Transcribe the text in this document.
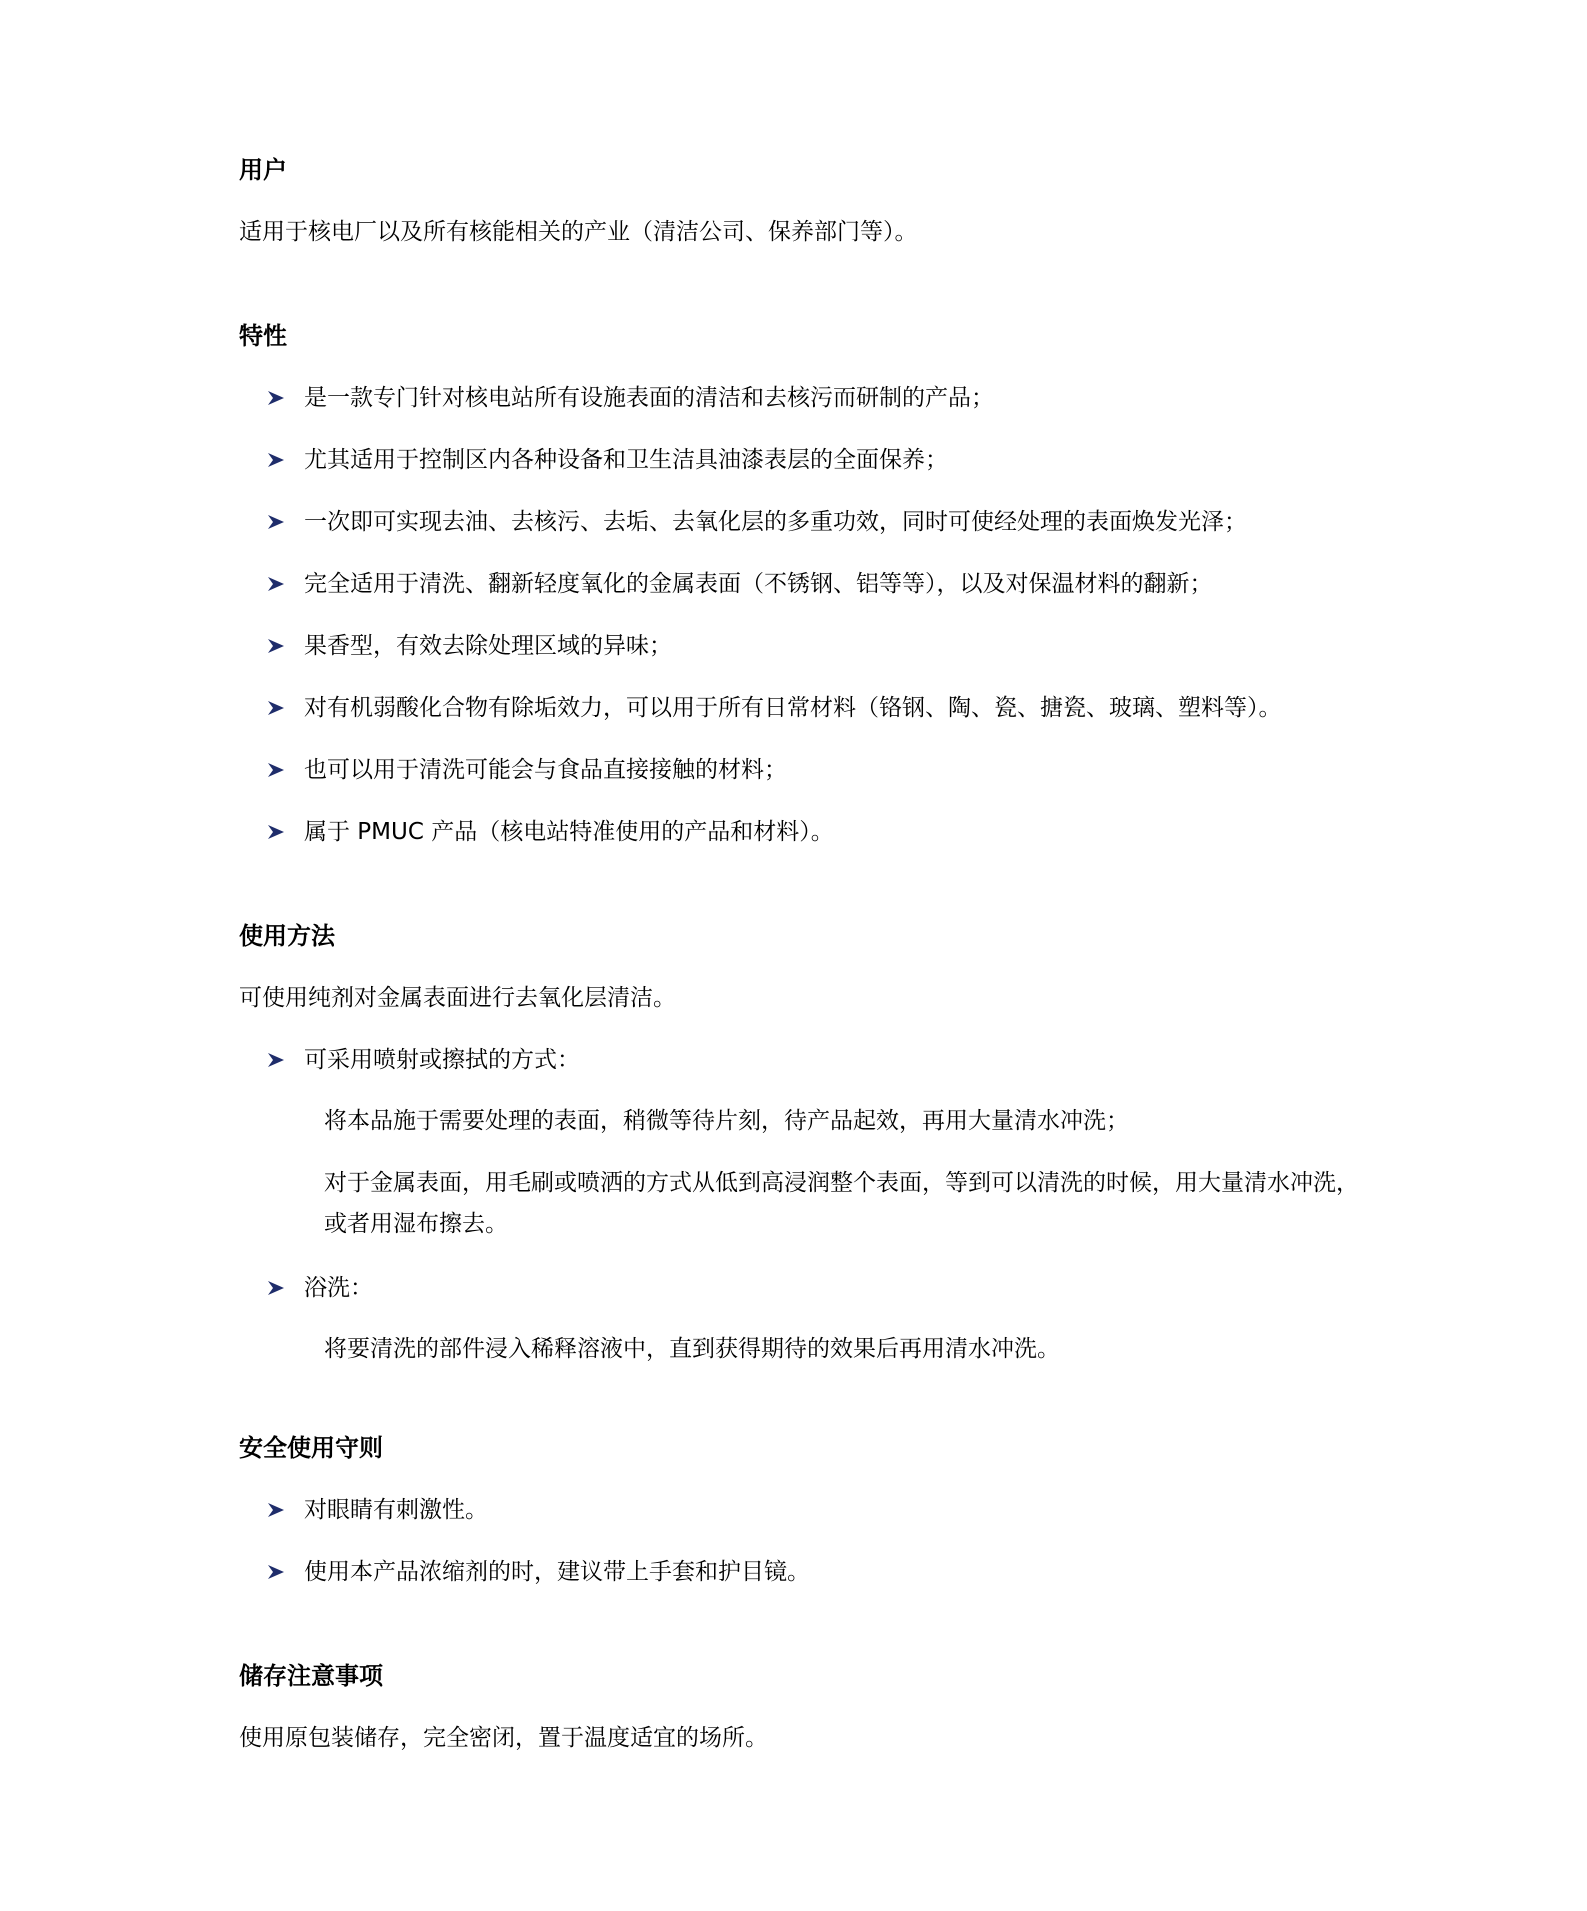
用户
适用于核电厂以及所有核能相关的产业（清洁公司、保养部门等）。
特性
是一款专门针对核电站所有设施表面的清洁和去核污而研制的产品；
尤其适用于控制区内各种设备和卫生洁具油漆表层的全面保养；
一次即可实现去油、去核污、去垢、去氧化层的多重功效，同时可使经处理的表面焕发光泽；
完全适用于清洗、翻新轻度氧化的金属表面（不锈钢、铝等等），以及对保温材料的翻新；
果香型，有效去除处理区域的异味；
对有机弱酸化合物有除垢效力，可以用于所有日常材料（铬钢、陶、瓷、搪瓷、玻璃、塑料等）。
也可以用于清洗可能会与食品直接接触的材料；
属于 PMUC 产品（核电站特准使用的产品和材料）。
使用方法
可使用纯剂对金属表面进行去氧化层清洁。
可采用喷射或擦拭的方式：
将本品施于需要处理的表面，稍微等待片刻，待产品起效，再用大量清水冲洗；
对于金属表面，用毛刷或喷洒的方式从低到高浸润整个表面，等到可以清洗的时候，用大量清水冲洗，或者用湿布擦去。
浴洗：
将要清洗的部件浸入稀释溶液中，直到获得期待的效果后再用清水冲洗。
安全使用守则
对眼睛有刺激性。
使用本产品浓缩剂的时，建议带上手套和护目镜。
储存注意事项
使用原包装储存，完全密闭，置于温度适宜的场所。
